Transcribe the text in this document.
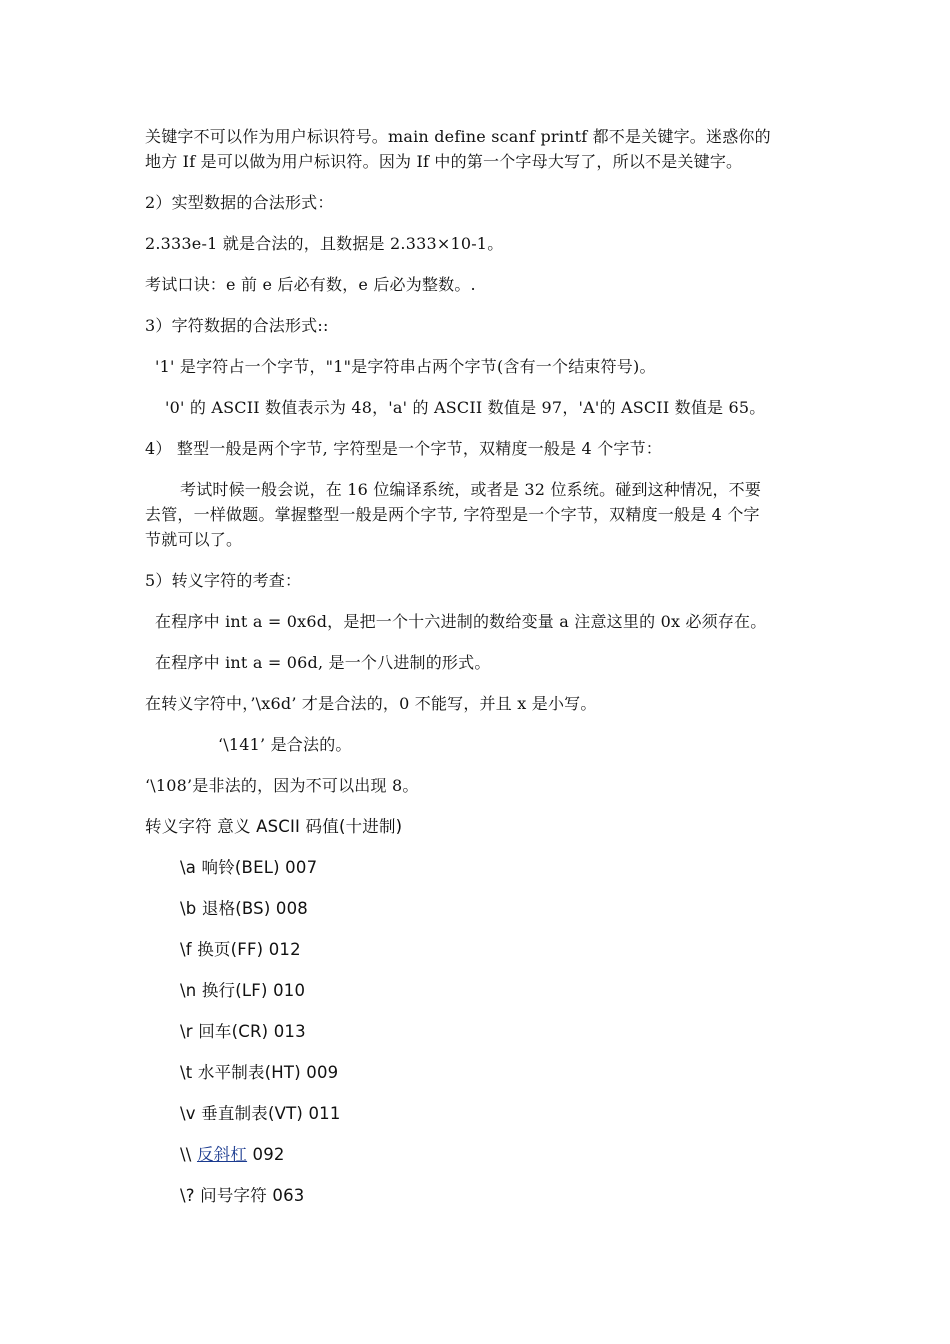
关键字不可以作为用户标识符号。main define scanf printf 都不是关键字。迷惑你的
地方 If 是可以做为用户标识符。因为 If 中的第一个字母大写了，所以不是关键字。
2）实型数据的合法形式：
2.333e-1 就是合法的，且数据是 2.333×10-1。
考试口诀：e 前 e 后必有数，e 后必为整数。.
3）字符数据的合法形式::
'1' 是字符占一个字节，"1"是字符串占两个字节(含有一个结束符号)。
'0' 的 ASCII 数值表示为 48，'a' 的 ASCII 数值是 97，'A'的 ASCII 数值是 65。
4） 整型一般是两个字节, 字符型是一个字节，双精度一般是 4 个字节：
考试时候一般会说，在 16 位编译系统，或者是 32 位系统。碰到这种情况，不要
去管，一样做题。掌握整型一般是两个字节, 字符型是一个字节，双精度一般是 4 个字
节就可以了。
5）转义字符的考查：
在程序中 int a = 0x6d，是把一个十六进制的数给变量 a 注意这里的 0x 必须存在。
在程序中 int a = 06d, 是一个八进制的形式。
在转义字符中，’\x6d’ 才是合法的，0 不能写，并且 x 是小写。
‘\141’ 是合法的。
‘\108’是非法的，因为不可以出现 8。
转义字符 意义 ASCII 码值(十进制)
\a 响铃(BEL) 007
\b 退格(BS) 008
\f 换页(FF) 012
\n 换行(LF) 010
\r 回车(CR) 013
\t 水平制表(HT) 009
\v 垂直制表(VT) 011
\\ 反斜杠 092
\? 问号字符 063
